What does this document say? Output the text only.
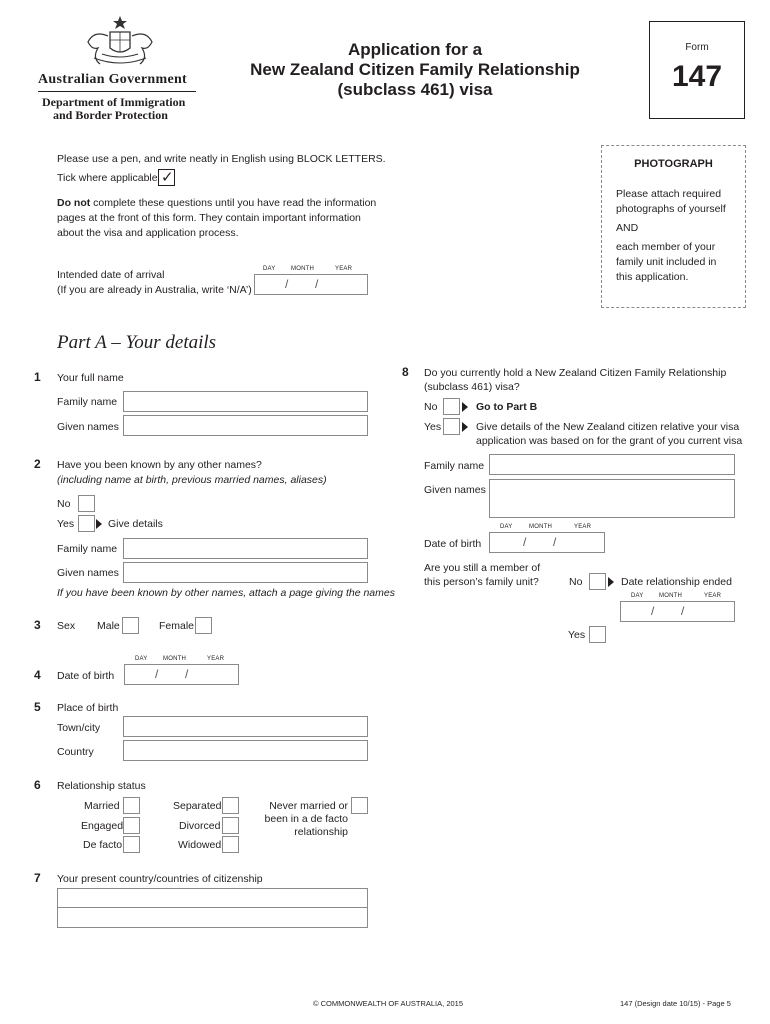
Australian Government
Department of Immigration
and Border Protection
Application for a
New Zealand Citizen Family Relationship
(subclass 461) visa
Form
147
Please use a pen, and write neatly in English using BLOCK LETTERS.
Tick where applicable ✓
Do not complete these questions until you have read the information
pages at the front of this form. They contain important information
about the visa and application process.
Intended date of arrival
(If you are already in Australia, write ‘N/A’)
DAY	MONTH	YEAR
/ /
PHOTOGRAPH
Please attach required
photographs of yourself
AND
each member of your
family unit included in
this application.
Part A – Your details
1 Your full name
Family name
Given names
2 Have you been known by any other names?
(including name at birth, previous married names, aliases)
No
Yes	Give details
Family name
Given names
If you have been known by other names, attach a page giving the names
3 Sex Male	Female
4 Date of birth
DAY	MONTH	YEAR
/ /
5 Place of birth
Town/city
Country
6 Relationship status
Married
Engaged
De facto
Separated
Divorced
Widowed
Never married or
been in a de facto
relationship
7 Your present country/countries of citizenship
8 Do you currently hold a New Zealand Citizen Family Relationship
(subclass 461) visa?
No	Go to Part B
Yes	Give details of the New Zealand citizen relative your visa
application was based on for the grant of you current visa
Family name
Given names
DAY	MONTH	YEAR
Date of birth	/ /
Are you still a member of
this person’s family unit?	No	Date relationship ended
DAY	MONTH	YEAR
/ /
Yes
© COMMONWEALTH OF AUSTRALIA, 2015	147 (Design date 10/15) - Page 5
